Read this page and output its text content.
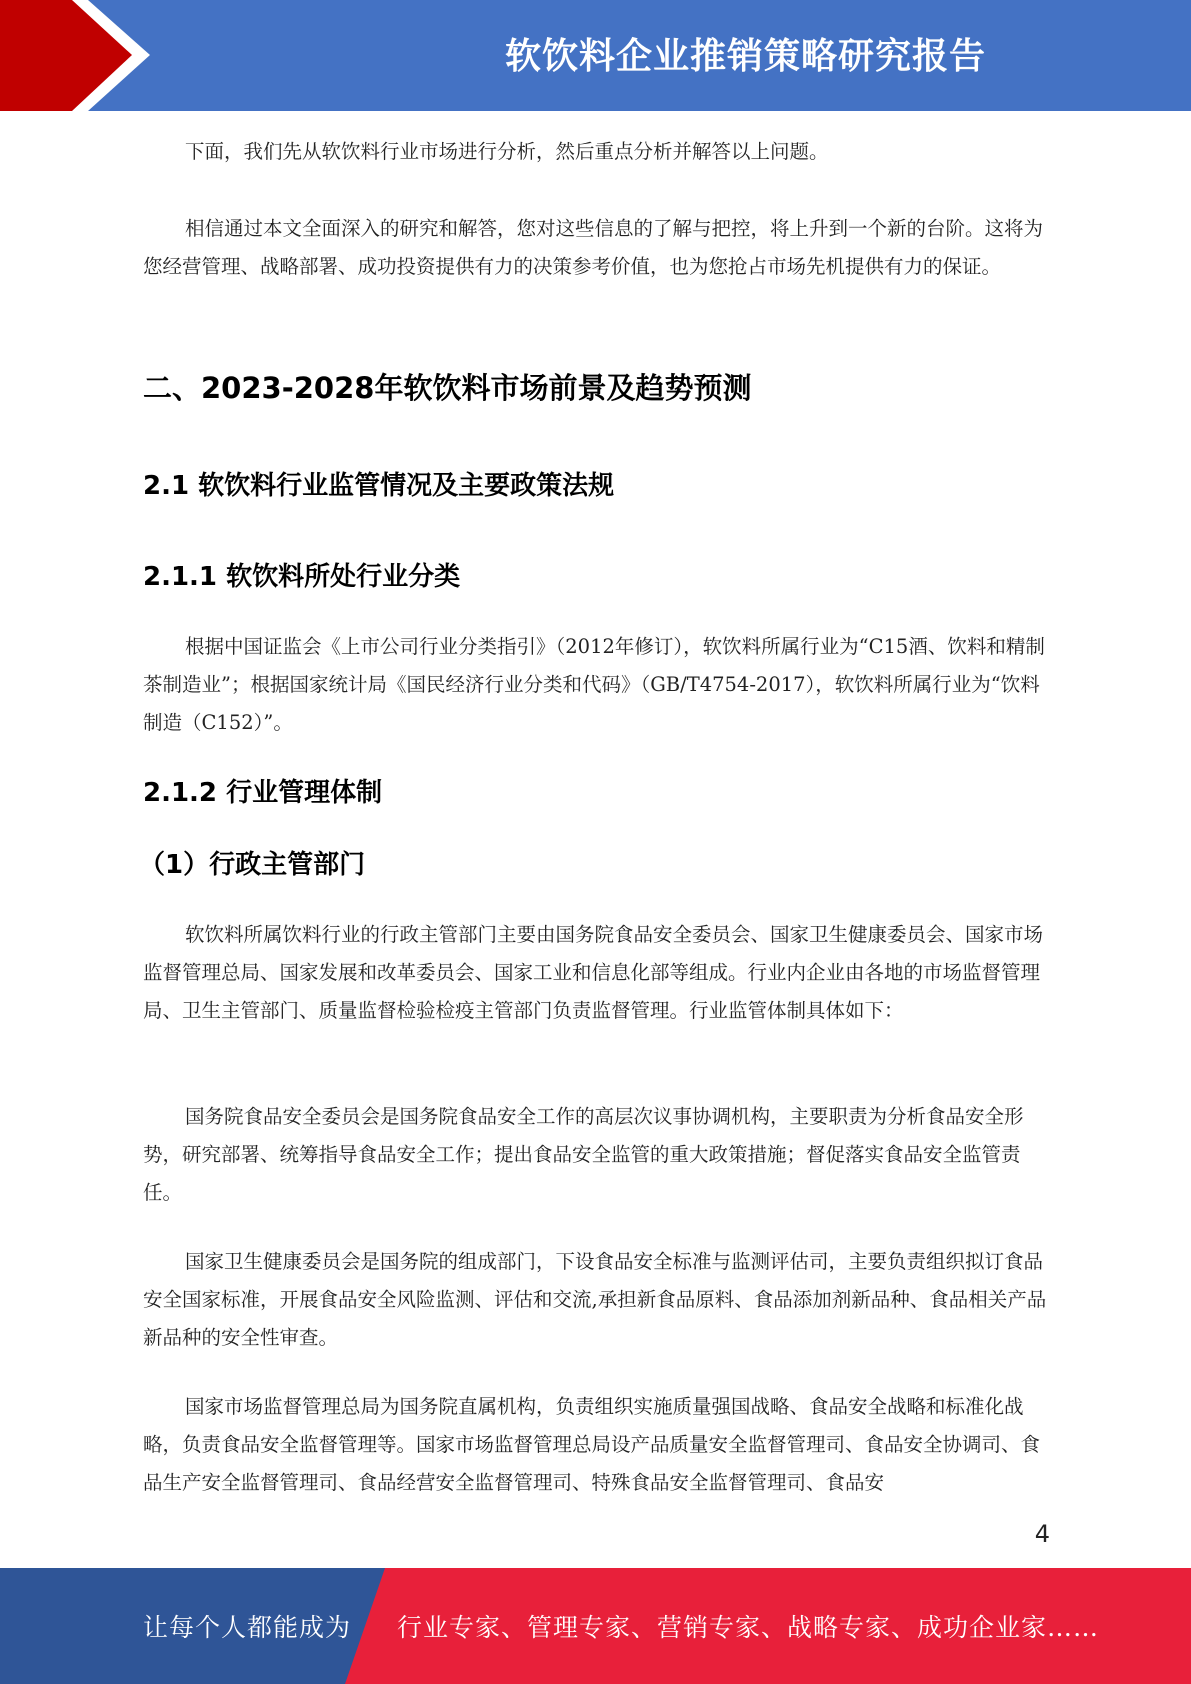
软饮料企业推销策略研究报告

下面，我们先从软饮料行业市场进行分析，然后重点分析并解答以上问题。

相信通过本文全面深入的研究和解答，您对这些信息的了解与把控，将上升到一个新的台阶。这将为您经营管理、战略部署、成功投资提供有力的决策参考价值，也为您抢占市场先机提供有力的保证。

二、2023-2028年软饮料市场前景及趋势预测
2.1 软饮料行业监管情况及主要政策法规
2.1.1 软饮料所处行业分类

根据中国证监会《上市公司行业分类指引》（2012年修订），软饮料所属行业为“C15酒、饮料和精制茶制造业”；根据国家统计局《国民经济行业分类和代码》（GB/T4754-2017），软饮料所属行业为“饮料制造（C152）”。

2.1.2 行业管理体制
（1）行政主管部门

软饮料所属饮料行业的行政主管部门主要由国务院食品安全委员会、国家卫生健康委员会、国家市场监督管理总局、国家发展和改革委员会、国家工业和信息化部等组成。行业内企业由各地的市场监督管理局、卫生主管部门、质量监督检验检疫主管部门负责监督管理。行业监管体制具体如下：

国务院食品安全委员会是国务院食品安全工作的高层次议事协调机构，主要职责为分析食品安全形势，研究部署、统筹指导食品安全工作；提出食品安全监管的重大政策措施；督促落实食品安全监管责任。

国家卫生健康委员会是国务院的组成部门，下设食品安全标准与监测评估司，主要负责组织拟订食品安全国家标准，开展食品安全风险监测、评估和交流,承担新食品原料、食品添加剂新品种、食品相关产品新品种的安全性审查。

国家市场监督管理总局为国务院直属机构，负责组织实施质量强国战略、食品安全战略和标准化战略，负责食品安全监督管理等。国家市场监督管理总局设产品质量安全监督管理司、食品安全协调司、食品生产安全监督管理司、食品经营安全监督管理司、特殊食品安全监督管理司、食品安

4
让每个人都能成为 行业专家、管理专家、营销专家、战略专家、成功企业家……
